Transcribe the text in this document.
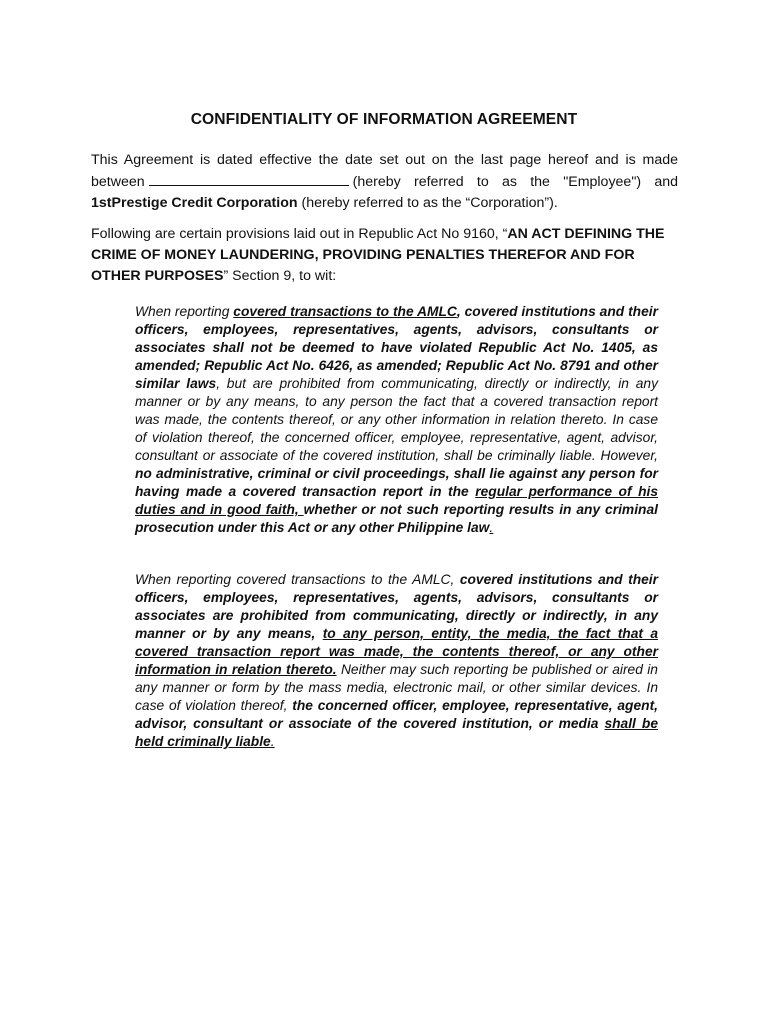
CONFIDENTIALITY OF INFORMATION AGREEMENT
This Agreement is dated effective the date set out on the last page hereof and is made between	(hereby referred to as the "Employee") and 1stPrestige Credit Corporation (hereby referred to as the “Corporation”).
Following are certain provisions laid out in Republic Act No 9160, “AN ACT DEFINING THE CRIME OF MONEY LAUNDERING, PROVIDING PENALTIES THEREFOR AND FOR OTHER PURPOSES” Section 9, to wit:
When reporting covered transactions to the AMLC, covered institutions and their officers, employees, representatives, agents, advisors, consultants or associates shall not be deemed to have violated Republic Act No. 1405, as amended; Republic Act No. 6426, as amended; Republic Act No. 8791 and other similar laws, but are prohibited from communicating, directly or indirectly, in any manner or by any means, to any person the fact that a covered transaction report was made, the contents thereof, or any other information in relation thereto. In case of violation thereof, the concerned officer, employee, representative, agent, advisor, consultant or associate of the covered institution, shall be criminally liable. However, no administrative, criminal or civil proceedings, shall lie against any person for having made a covered transaction report in the regular performance of his duties and in good faith, whether or not such reporting results in any criminal prosecution under this Act or any other Philippine law.
When reporting covered transactions to the AMLC, covered institutions and their officers, employees, representatives, agents, advisors, consultants or associates are prohibited from communicating, directly or indirectly, in any manner or by any means, to any person, entity, the media, the fact that a covered transaction report was made, the contents thereof, or any other information in relation thereto. Neither may such reporting be published or aired in any manner or form by the mass media, electronic mail, or other similar devices. In case of violation thereof, the concerned officer, employee, representative, agent, advisor, consultant or associate of the covered institution, or media shall be held criminally liable.
